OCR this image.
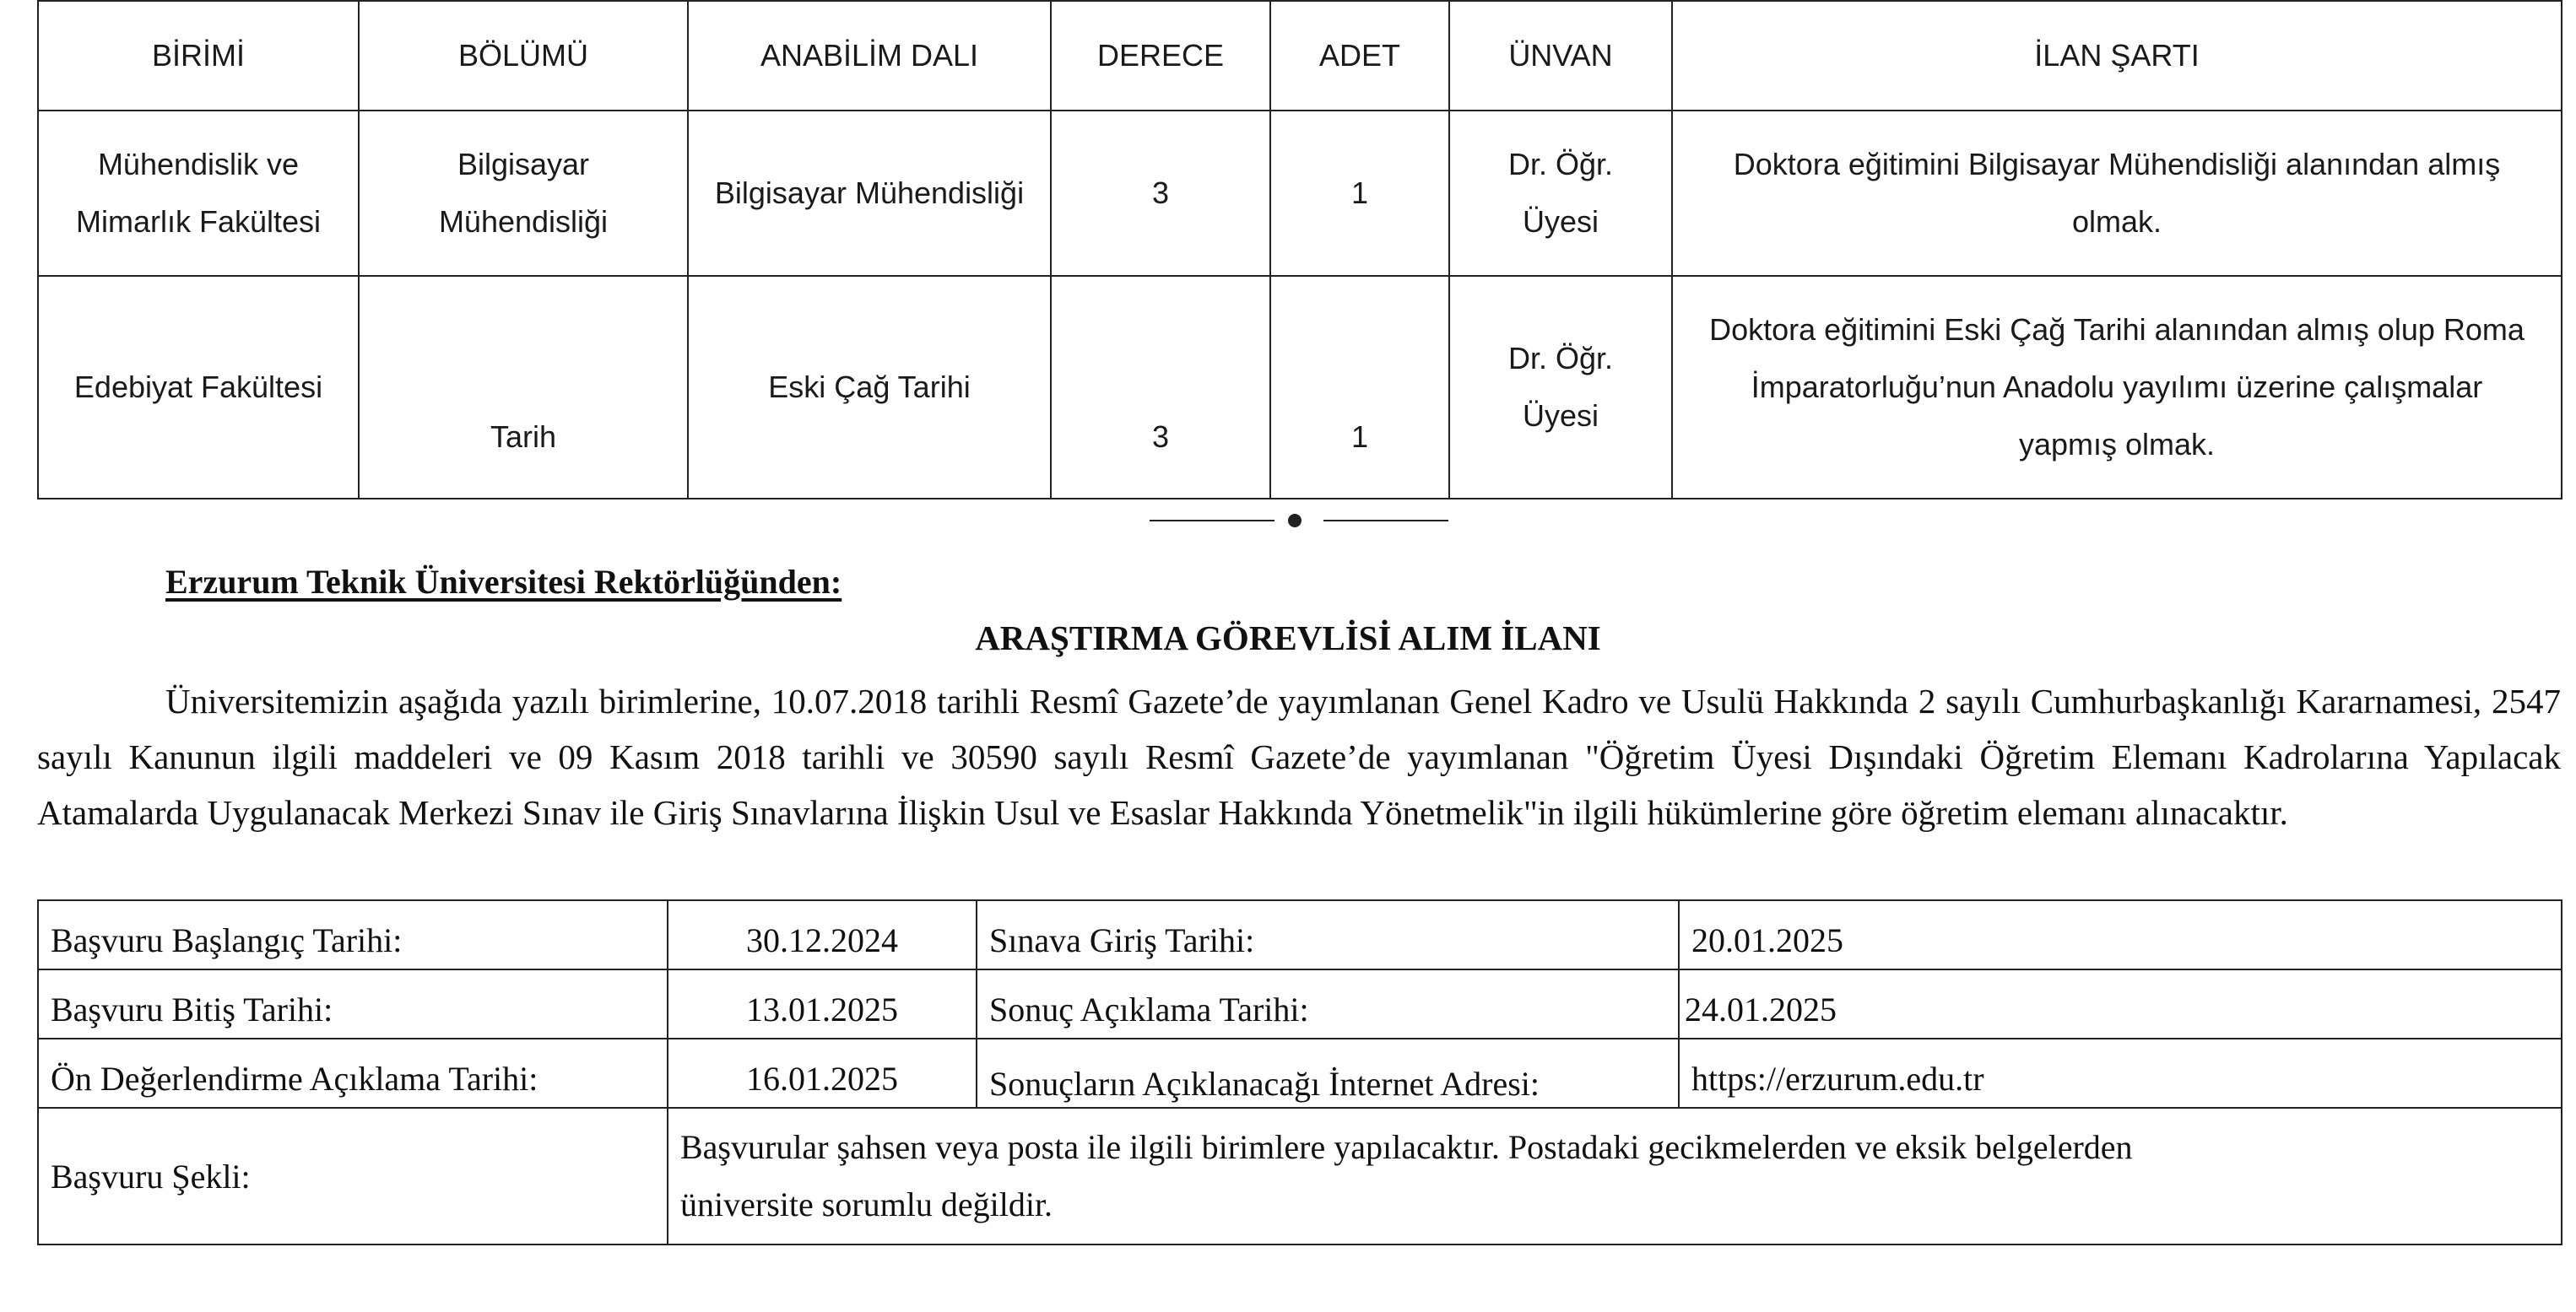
BİRİMİ	BÖLÜMÜ	ANABİLİM DALI	DERECE	ADET	ÜNVAN	İLAN ŞARTI
Mühendislik ve Mimarlık Fakültesi	Bilgisayar Mühendisliği	Bilgisayar Mühendisliği	3	1	Dr. Öğr. Üyesi	Doktora eğitimini Bilgisayar Mühendisliği alanından almış olmak.
Edebiyat Fakültesi	Tarih	Eski Çağ Tarihi	3	1	Dr. Öğr. Üyesi	Doktora eğitimini Eski Çağ Tarihi alanından almış olup Roma İmparatorluğu’nun Anadolu yayılımı üzerine çalışmalar yapmış olmak.
Erzurum Teknik Üniversitesi Rektörlüğünden:
ARAŞTIRMA GÖREVLİSİ ALIM İLANI

Üniversitemizin aşağıda yazılı birimlerine, 10.07.2018 tarihli Resmî Gazete’de yayımlanan Genel Kadro ve Usulü Hakkında 2 sayılı Cumhurbaşkanlığı Kararnamesi, 2547 sayılı Kanunun ilgili maddeleri ve 09 Kasım 2018 tarihli ve 30590 sayılı Resmî Gazete’de yayımlanan "Öğretim Üyesi Dışındaki Öğretim Elemanı Kadrolarına Yapılacak Atamalarda Uygulanacak Merkezi Sınav ile Giriş Sınavlarına İlişkin Usul ve Esaslar Hakkında Yönetmelik"in ilgili hükümlerine göre öğretim elemanı alınacaktır.

Başvuru Başlangıç Tarihi:	30.12.2024	Sınava Giriş Tarihi:	20.01.2025
Başvuru Bitiş Tarihi:	13.01.2025	Sonuç Açıklama Tarihi:	24.01.2025
Ön Değerlendirme Açıklama Tarihi:	16.01.2025	Sonuçların Açıklanacağı İnternet Adresi:	https://erzurum.edu.tr
Başvuru Şekli:	Başvurular şahsen veya posta ile ilgili birimlere yapılacaktır. Postadaki gecikmelerden ve eksik belgelerden üniversite sorumlu değildir.		
